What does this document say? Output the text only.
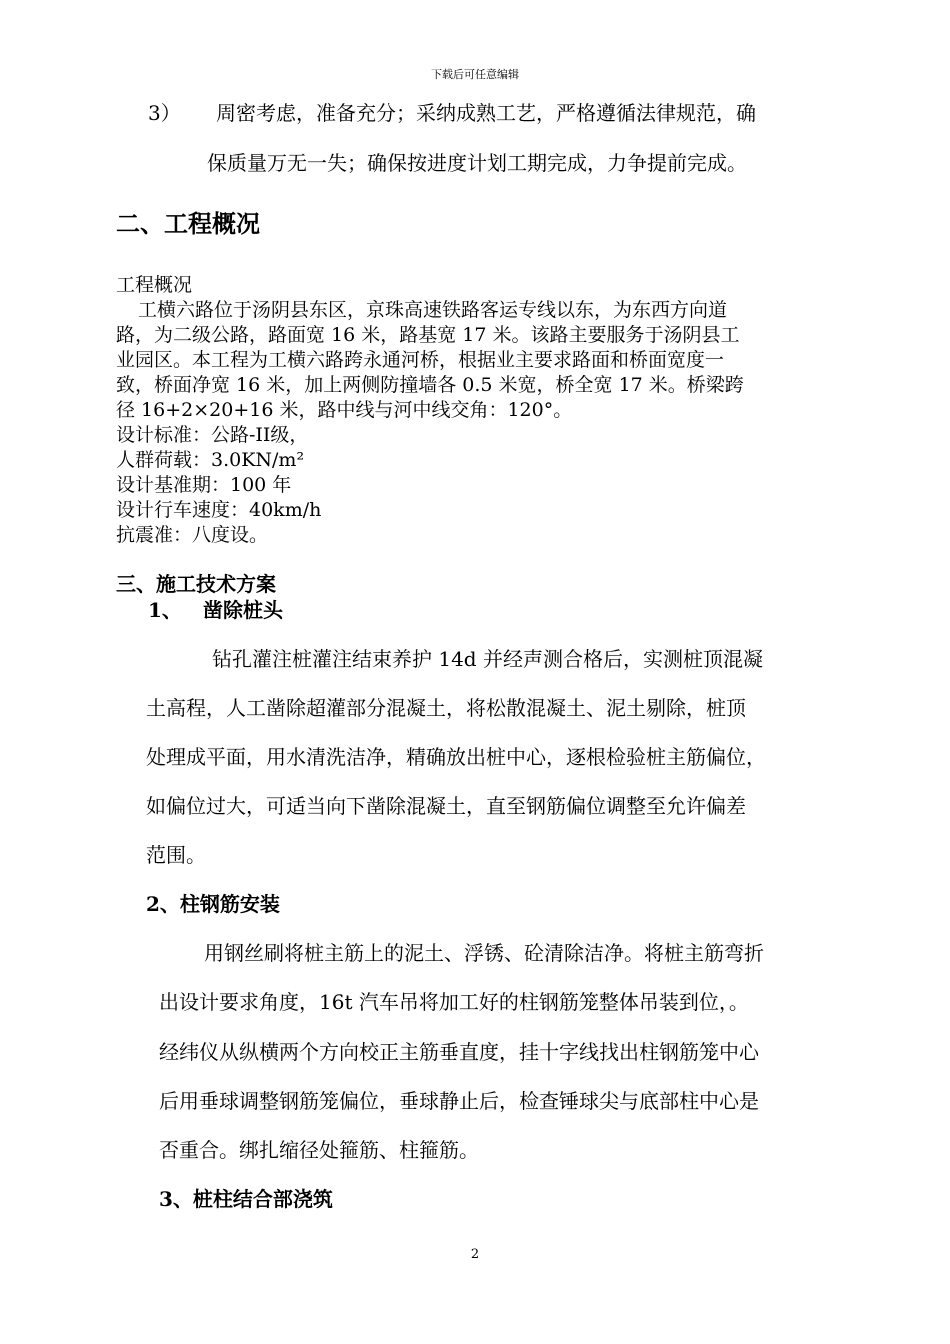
下载后可任意编辑
3） 周密考虑，准备充分；采纳成熟工艺，严格遵循法律规范，确
保质量万无一失；确保按进度计划工期完成，力争提前完成。
二、工程概况
工程概况
工横六路位于汤阴县东区，京珠高速铁路客运专线以东，为东西方向道
路，为二级公路，路面宽 16 米，路基宽 17 米。该路主要服务于汤阴县工
业园区。本工程为工横六路跨永通河桥，根据业主要求路面和桥面宽度一
致，桥面净宽 16 米，加上两侧防撞墙各 0.5 米宽，桥全宽 17 米。桥梁跨
径 16+2×20+16 米，路中线与河中线交角：120°。
设计标准：公路-II级，
人群荷载：3.0KN/m²
设计基准期：100 年
设计行车速度：40km/h
抗震准：八度设。
三、施工技术方案
1、 凿除桩头
钻孔灌注桩灌注结束养护 14d 并经声测合格后，实测桩顶混凝
土高程，人工凿除超灌部分混凝土，将松散混凝土、泥土剔除，桩顶
处理成平面，用水清洗洁净，精确放出桩中心，逐根检验桩主筋偏位，
如偏位过大，可适当向下凿除混凝土，直至钢筋偏位调整至允许偏差
范围。
2、柱钢筋安装
用钢丝刷将桩主筋上的泥土、浮锈、砼清除洁净。将桩主筋弯折
出设计要求角度，16t 汽车吊将加工好的柱钢筋笼整体吊装到位，。
经纬仪从纵横两个方向校正主筋垂直度，挂十字线找出柱钢筋笼中心
后用垂球调整钢筋笼偏位，垂球静止后，检查锤球尖与底部柱中心是
否重合。绑扎缩径处箍筋、柱箍筋。
3、桩柱结合部浇筑
2
